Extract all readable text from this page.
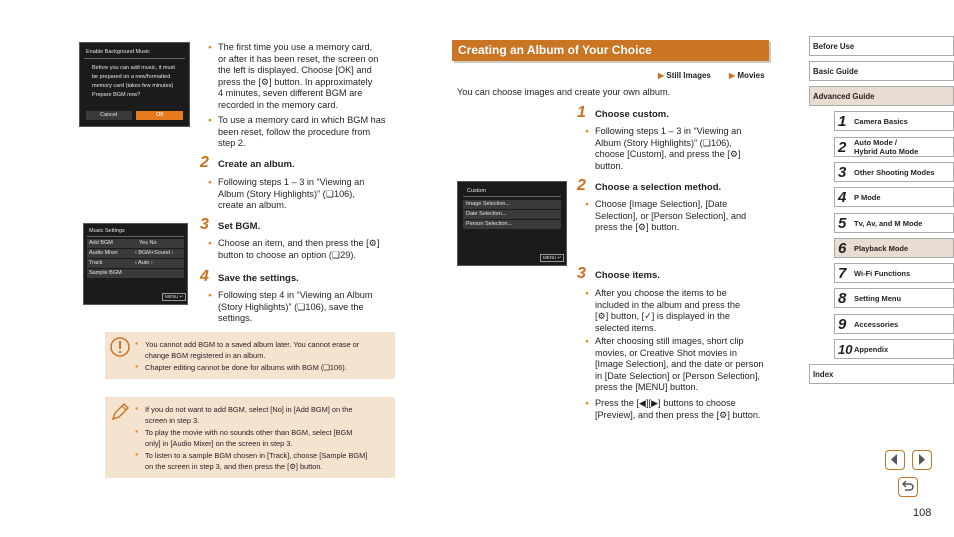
Enable Background Music
Before you can add music, it must
be prepared on a new/formatted
memory card (takes few minutes)
Prepare BGM now?
Cancel	OK
● The first time you use a memory card,
or after it has been reset, the screen on
the left is displayed. Choose [OK] and
press the [⚙] button. In approximately
4 minutes, seven different BGM are
recorded in the memory card.
● To use a memory card in which BGM has
been reset, follow the procedure from
step 2.
2 Create an album.
● Following steps 1 – 3 in “Viewing an
Album (Story Highlights)” (❑106),
create an album.
Music Settings
Add BGM	Yes No
Audio Mixer	‹ BGM+Sound ›
Track	‹ Auto ›
Sample BGM
MENU ↵
3 Set BGM.
● Choose an item, and then press the [⚙]
button to choose an option (❑29).
4 Save the settings.
● Following step 4 in “Viewing an Album
(Story Highlights)” (❑106), save the
settings.
● You cannot add BGM to a saved album later. You cannot erase or
change BGM registered in an album.
● Chapter editing cannot be done for albums with BGM (❑106).
● If you do not want to add BGM, select [No] in [Add BGM] on the
screen in step 3.
● To play the movie with no sounds other than BGM, select [BGM
only] in [Audio Mixer] on the screen in step 3.
● To listen to a sample BGM chosen in [Track], choose [Sample BGM]
on the screen in step 3, and then press the [⚙] button.
Creating an Album of Your Choice
▶ Still Images ▶ Movies
You can choose images and create your own album.
1 Choose custom.
● Following steps 1 – 3 in “Viewing an
Album (Story Highlights)” (❑106),
choose [Custom], and press the [⚙]
button.
Custom
Image Selection...
Date Selection...
Person Selection...
MENU ↵
2 Choose a selection method.
● Choose [Image Selection], [Date
Selection], or [Person Selection], and
press the [⚙] button.
3 Choose items.
● After you choose the items to be
included in the album and press the
[⚙] button, [✓] is displayed in the
selected items.
● After choosing still images, short clip
movies, or Creative Shot movies in
[Image Selection], and the date or person
in [Date Selection] or [Person Selection],
press the [MENU] button.
● Press the [◀][▶] buttons to choose
[Preview], and then press the [⚙] button.
Before Use
Basic Guide
Advanced Guide
1 Camera Basics
2 Auto Mode /
Hybrid Auto Mode
3 Other Shooting Modes
4 P Mode
5 Tv, Av, and M Mode
6 Playback Mode
7 Wi-Fi Functions
8 Setting Menu
9 Accessories
10 Appendix
Index
108
